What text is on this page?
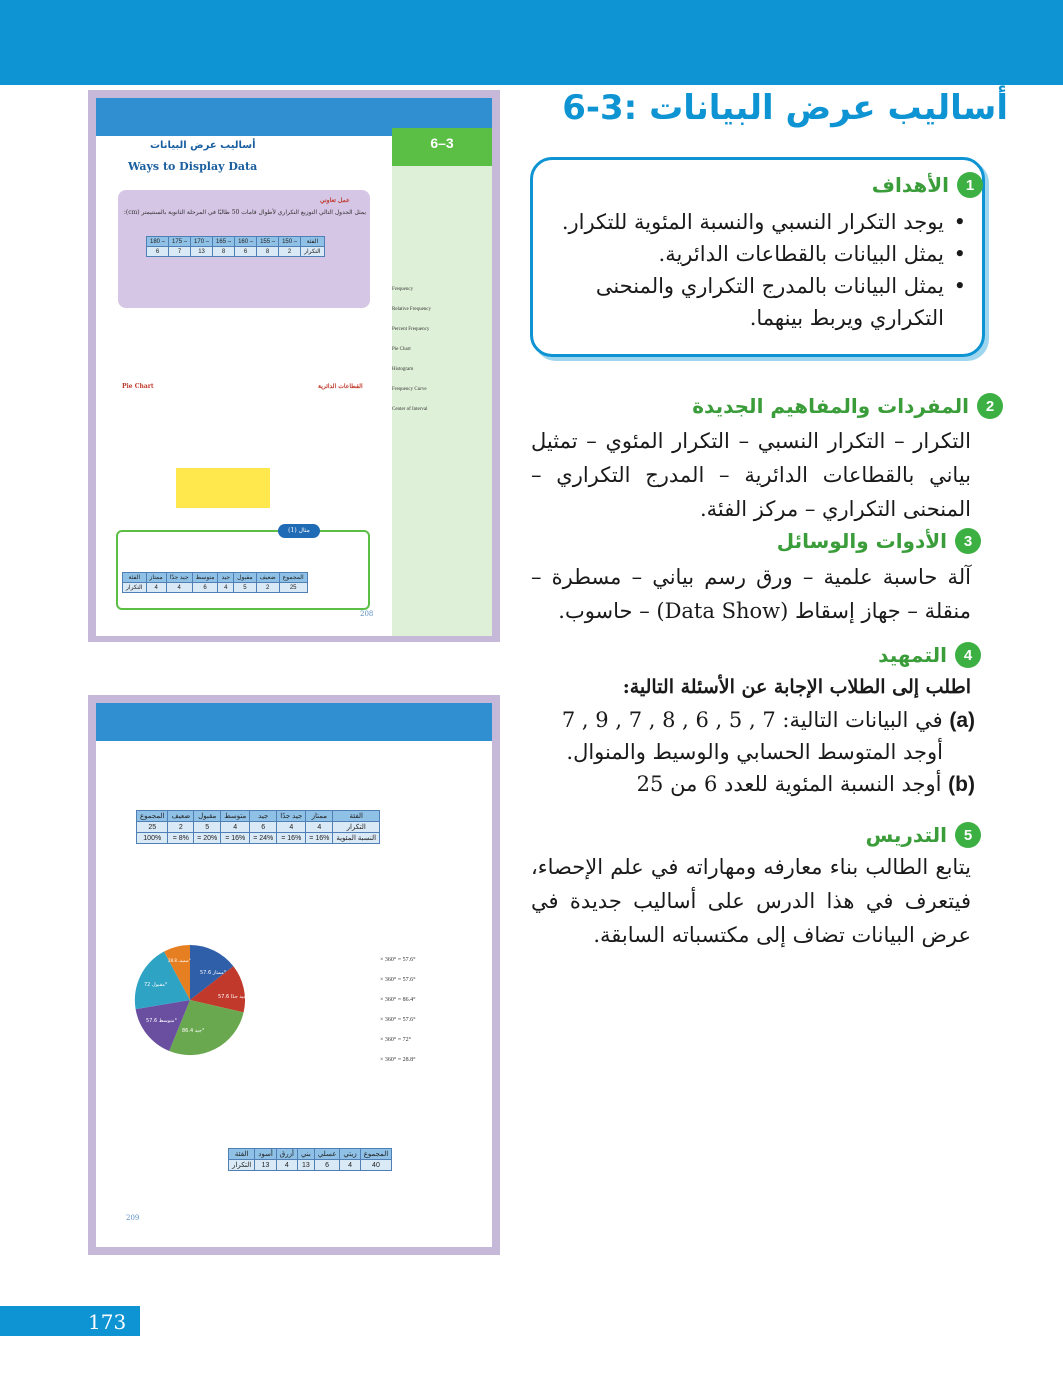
6-3: أساليب عرض البيانات
1
الأهداف
• يوجد التكرار النسبي والنسبة المئوية للتكرار.
• يمثل البيانات بالقطاعات الدائرية.
• يمثل البيانات بالمدرج التكراري والمنحنى التكراري ويربط بينهما.
2
المفردات والمفاهيم الجديدة
التكرار – التكرار النسبي – التكرار المئوي – تمثيل بياني بالقطاعات الدائرية – المدرج التكراري – المنحنى التكراري – مركز الفئة.
3
الأدوات والوسائل
آلة حاسبة علمية – ورق رسم بياني – مسطرة – منقلة – جهاز إسقاط (Data Show) – حاسوب.
4
التمهيد
اطلب إلى الطلاب الإجابة عن الأسئلة التالية:
(a) في البيانات التالية: 7 , 5 , 6 , 8 , 7 , 9 , 7
أوجد المتوسط الحسابي والوسيط والمنوال.
(b) أوجد النسبة المئوية للعدد 6 من 25
5
التدريس
يتابع الطالب بناء معارفه ومهاراته في علم الإحصاء، فيتعرف في هذا الدرس على أساليب جديدة في عرض البيانات تضاف إلى مكتسباته السابقة.
6–3
أساليب عرض البيانات
Ways to Display Data
عمل تعاوني
يمثل الجدول التالي التوزيع التكراري لأطوال قامات 50 طالبًا في المرحلة الثانوية بالسنتيمتر (cm):
180 –	175 –	170 –	165 –	160 –	155 –	150 –	الفئة
6	7	13	8	6	8	2	التكرار
Pie Chart	القطاعات الدائرية
مثال (1)
الفئة	ممتاز	جيد جدًا	متوسط	جيد	مقبول	ضعيف	المجموع
التكرار	4	4	6	4	5	2	25
Frequency
Relative Frequency
Percent Frequency
Pie Chart
Histogram
Frequency Curve
Center of Interval
208
المجموع	ضعيف	مقبول	متوسط	جيد	جيد جدًا	ممتاز	الفئة
25	2	5	4	6	4	4	التكرار
100%	= 8%	= 20%	= 16%	= 24%	= 16%	= 16%	النسبة المئوية
ممتاز 57.6°
جيد جدًا 57.6°
جيد 86.4°
متوسط 57.6°
مقبول 72°
ضعيف 28.8°	× 360° = 57.6°
× 360° = 57.6°
× 360° = 86.4°
× 360° = 57.6°
× 360° = 72°
× 360° = 28.8°
الفئة	أسود	أزرق	بني	عسلي	زيتي	المجموع
التكرار	13	4	13	6	4	40
209
173
